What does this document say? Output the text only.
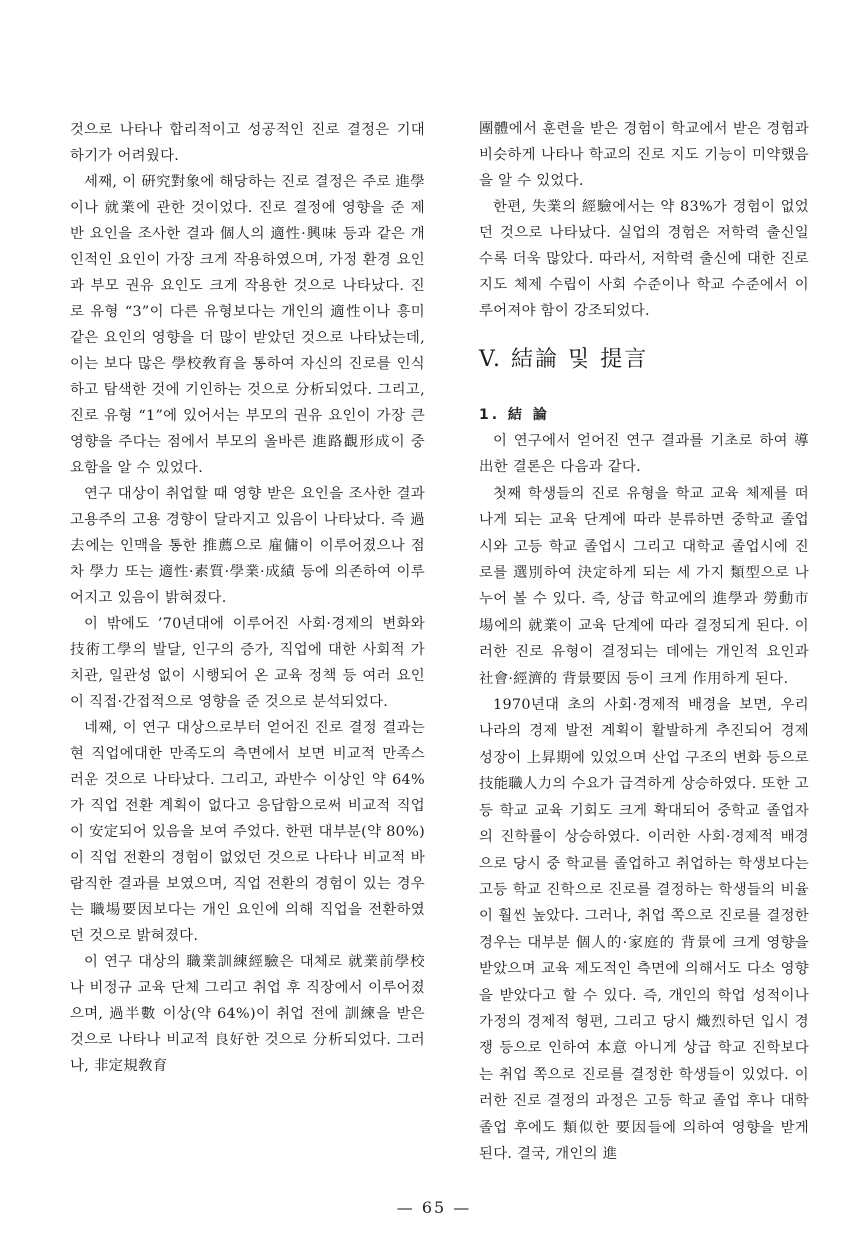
것으로 나타나 합리적이고 성공적인 진로 결정은 기대하기가 어려웠다.

세째, 이 硏究對象에 해당하는 진로 결정은 주로 進學이나 就業에 관한 것이었다. 진로 결정에 영향을 준 제반 요인을 조사한 결과 個人의 適性·興味 등과 같은 개인적인 요인이 가장 크게 작용하였으며, 가정 환경 요인과 부모 권유 요인도 크게 작용한 것으로 나타났다. 진로 유형 “3”이 다른 유형보다는 개인의 適性이나 흥미 같은 요인의 영향을 더 많이 받았던 것으로 나타났는데, 이는 보다 많은 學校敎育을 통하여 자신의 진로를 인식하고 탐색한 것에 기인하는 것으로 分析되었다. 그리고, 진로 유형 “1”에 있어서는 부모의 권유 요인이 가장 큰 영향을 주다는 점에서 부모의 올바른 進路觀形成이 중요함을 알 수 있었다.

연구 대상이 취업할 때 영향 받은 요인을 조사한 결과 고용주의 고용 경향이 달라지고 있음이 나타났다. 즉 過去에는 인맥을 통한 推薦으로 雇傭이 이루어졌으나 점차 學力 또는 適性·素質·學業·成績 등에 의존하여 이루어지고 있음이 밝혀졌다.

이 밖에도 ’70년대에 이루어진 사회·경제의 변화와 技術工學의 발달, 인구의 증가, 직업에 대한 사회적 가치관, 일관성 없이 시행되어 온 교육 정책 등 여러 요인이 직접·간접적으로 영향을 준 것으로 분석되었다.

네째, 이 연구 대상으로부터 얻어진 진로 결정 결과는 현 직업에대한 만족도의 측면에서 보면 비교적 만족스러운 것으로 나타났다. 그리고, 과반수 이상인 약 64%가 직업 전환 계획이 없다고 응답함으로써 비교적 직업이 安定되어 있음을 보여 주었다. 한편 대부분(약 80%)이 직업 전환의 경험이 없었던 것으로 나타나 비교적 바람직한 결과를 보였으며, 직업 전환의 경험이 있는 경우는 職場要因보다는 개인 요인에 의해 직업을 전환하였던 것으로 밝혀졌다.

이 연구 대상의 職業訓練經驗은 대체로 就業前學校나 비정규 교육 단체 그리고 취업 후 직장에서 이루어졌으며, 過半數 이상(약 64%)이 취업 전에 訓練을 받은 것으로 나타나 비교적 良好한 것으로 分析되었다. 그러나, 非定規敎育

團體에서 훈련을 받은 경험이 학교에서 받은 경험과 비슷하게 나타나 학교의 진로 지도 기능이 미약했음을 알 수 있었다.

한편, 失業의 經驗에서는 약 83%가 경험이 없었던 것으로 나타났다. 실업의 경험은 저학력 출신일수록 더욱 많았다. 따라서, 저학력 출신에 대한 진로 지도 체제 수립이 사회 수준이나 학교 수준에서 이루어져야 함이 강조되었다.

V. 結論 및 提言
1. 結 論

이 연구에서 얻어진 연구 결과를 기초로 하여 導出한 결론은 다음과 같다.

첫째 학생들의 진로 유형을 학교 교육 체제를 떠나게 되는 교육 단계에 따라 분류하면 중학교 졸업시와 고등 학교 졸업시 그리고 대학교 졸업시에 진로를 選別하여 決定하게 되는 세 가지 類型으로 나누어 볼 수 있다. 즉, 상급 학교에의 進學과 勞動市場에의 就業이 교육 단계에 따라 결정되게 된다. 이러한 진로 유형이 결정되는 데에는 개인적 요인과 社會·經濟的 背景要因 등이 크게 作用하게 된다.

1970년대 초의 사회·경제적 배경을 보면, 우리 나라의 경제 발전 계획이 활발하게 추진되어 경제 성장이 上昇期에 있었으며 산업 구조의 변화 등으로 技能職人力의 수요가 급격하게 상승하였다. 또한 고등 학교 교육 기회도 크게 확대되어 중학교 졸업자의 진학률이 상승하였다. 이러한 사회·경제적 배경으로 당시 중 학교를 졸업하고 취업하는 학생보다는 고등 학교 진학으로 진로를 결정하는 학생들의 비율이 훨씬 높았다. 그러나, 취업 쪽으로 진로를 결정한 경우는 대부분 個人的·家庭的 背景에 크게 영향을 받았으며 교육 제도적인 측면에 의해서도 다소 영향을 받았다고 할 수 있다. 즉, 개인의 학업 성적이나 가정의 경제적 형편, 그리고 당시 熾烈하던 입시 경쟁 등으로 인하여 本意 아니게 상급 학교 진학보다는 취업 쪽으로 진로를 결정한 학생들이 있었다. 이러한 진로 결정의 과정은 고등 학교 졸업 후나 대학 졸업 후에도 類似한 要因들에 의하여 영향을 받게 된다. 결국, 개인의 進

— 65 —
